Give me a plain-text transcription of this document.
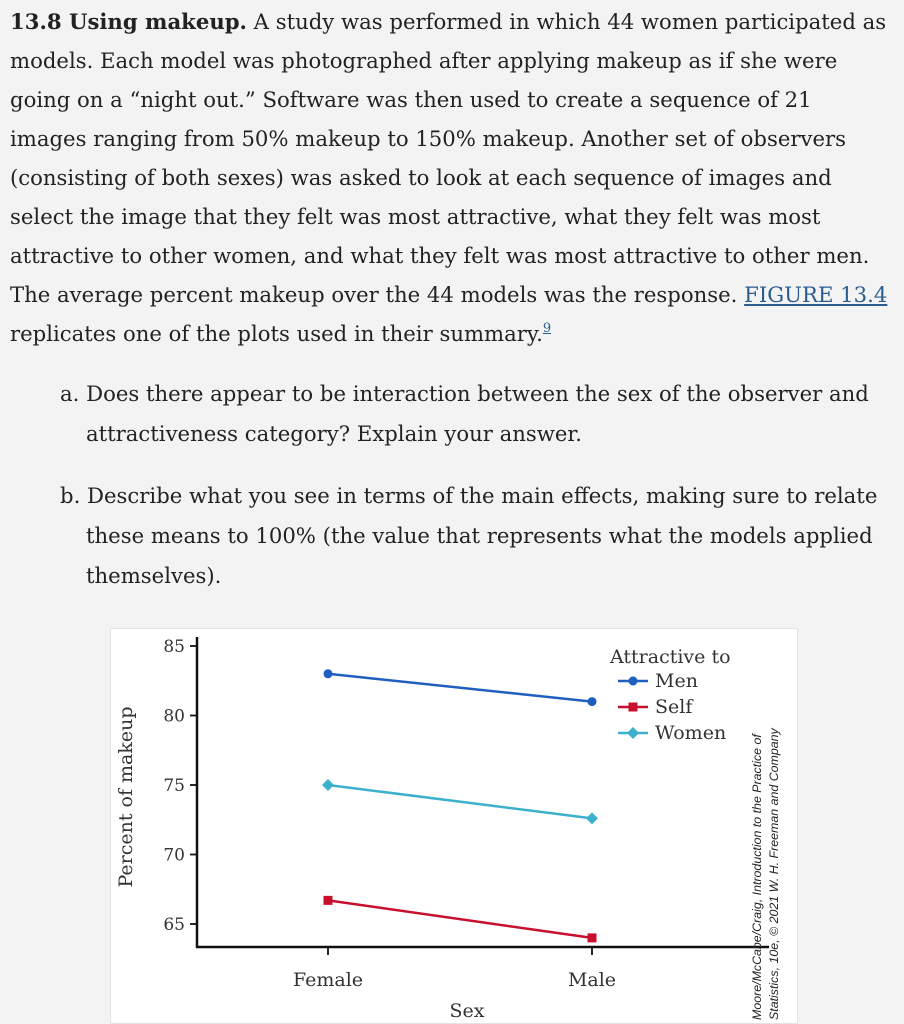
13.8 Using makeup. A study was performed in which 44 women participated as models. Each model was photographed after applying makeup as if she were going on a “night out.” Software was then used to create a sequence of 21 images ranging from 50% makeup to 150% makeup. Another set of observers (consisting of both sexes) was asked to look at each sequence of images and select the image that they felt was most attractive, what they felt was most attractive to other women, and what they felt was most attractive to other men. The average percent makeup over the 44 models was the response. FIGURE 13.4 replicates one of the plots used in their summary.$^9$
a. Does there appear to be interaction between the sex of the observer and attractiveness category? Explain your answer.
b. Describe what you see in terms of the main effects, making sure to relate these means to 100% (the value that represents what the models applied themselves).
65
70
75
80
85
Female	Male
Sex
Percent of makeup
Attractive to
Men
Self
Women
Moore/McCabe/Craig, Introduction to the Practice of Statistics, 10e, © 2021 W. H. Freeman and Company
